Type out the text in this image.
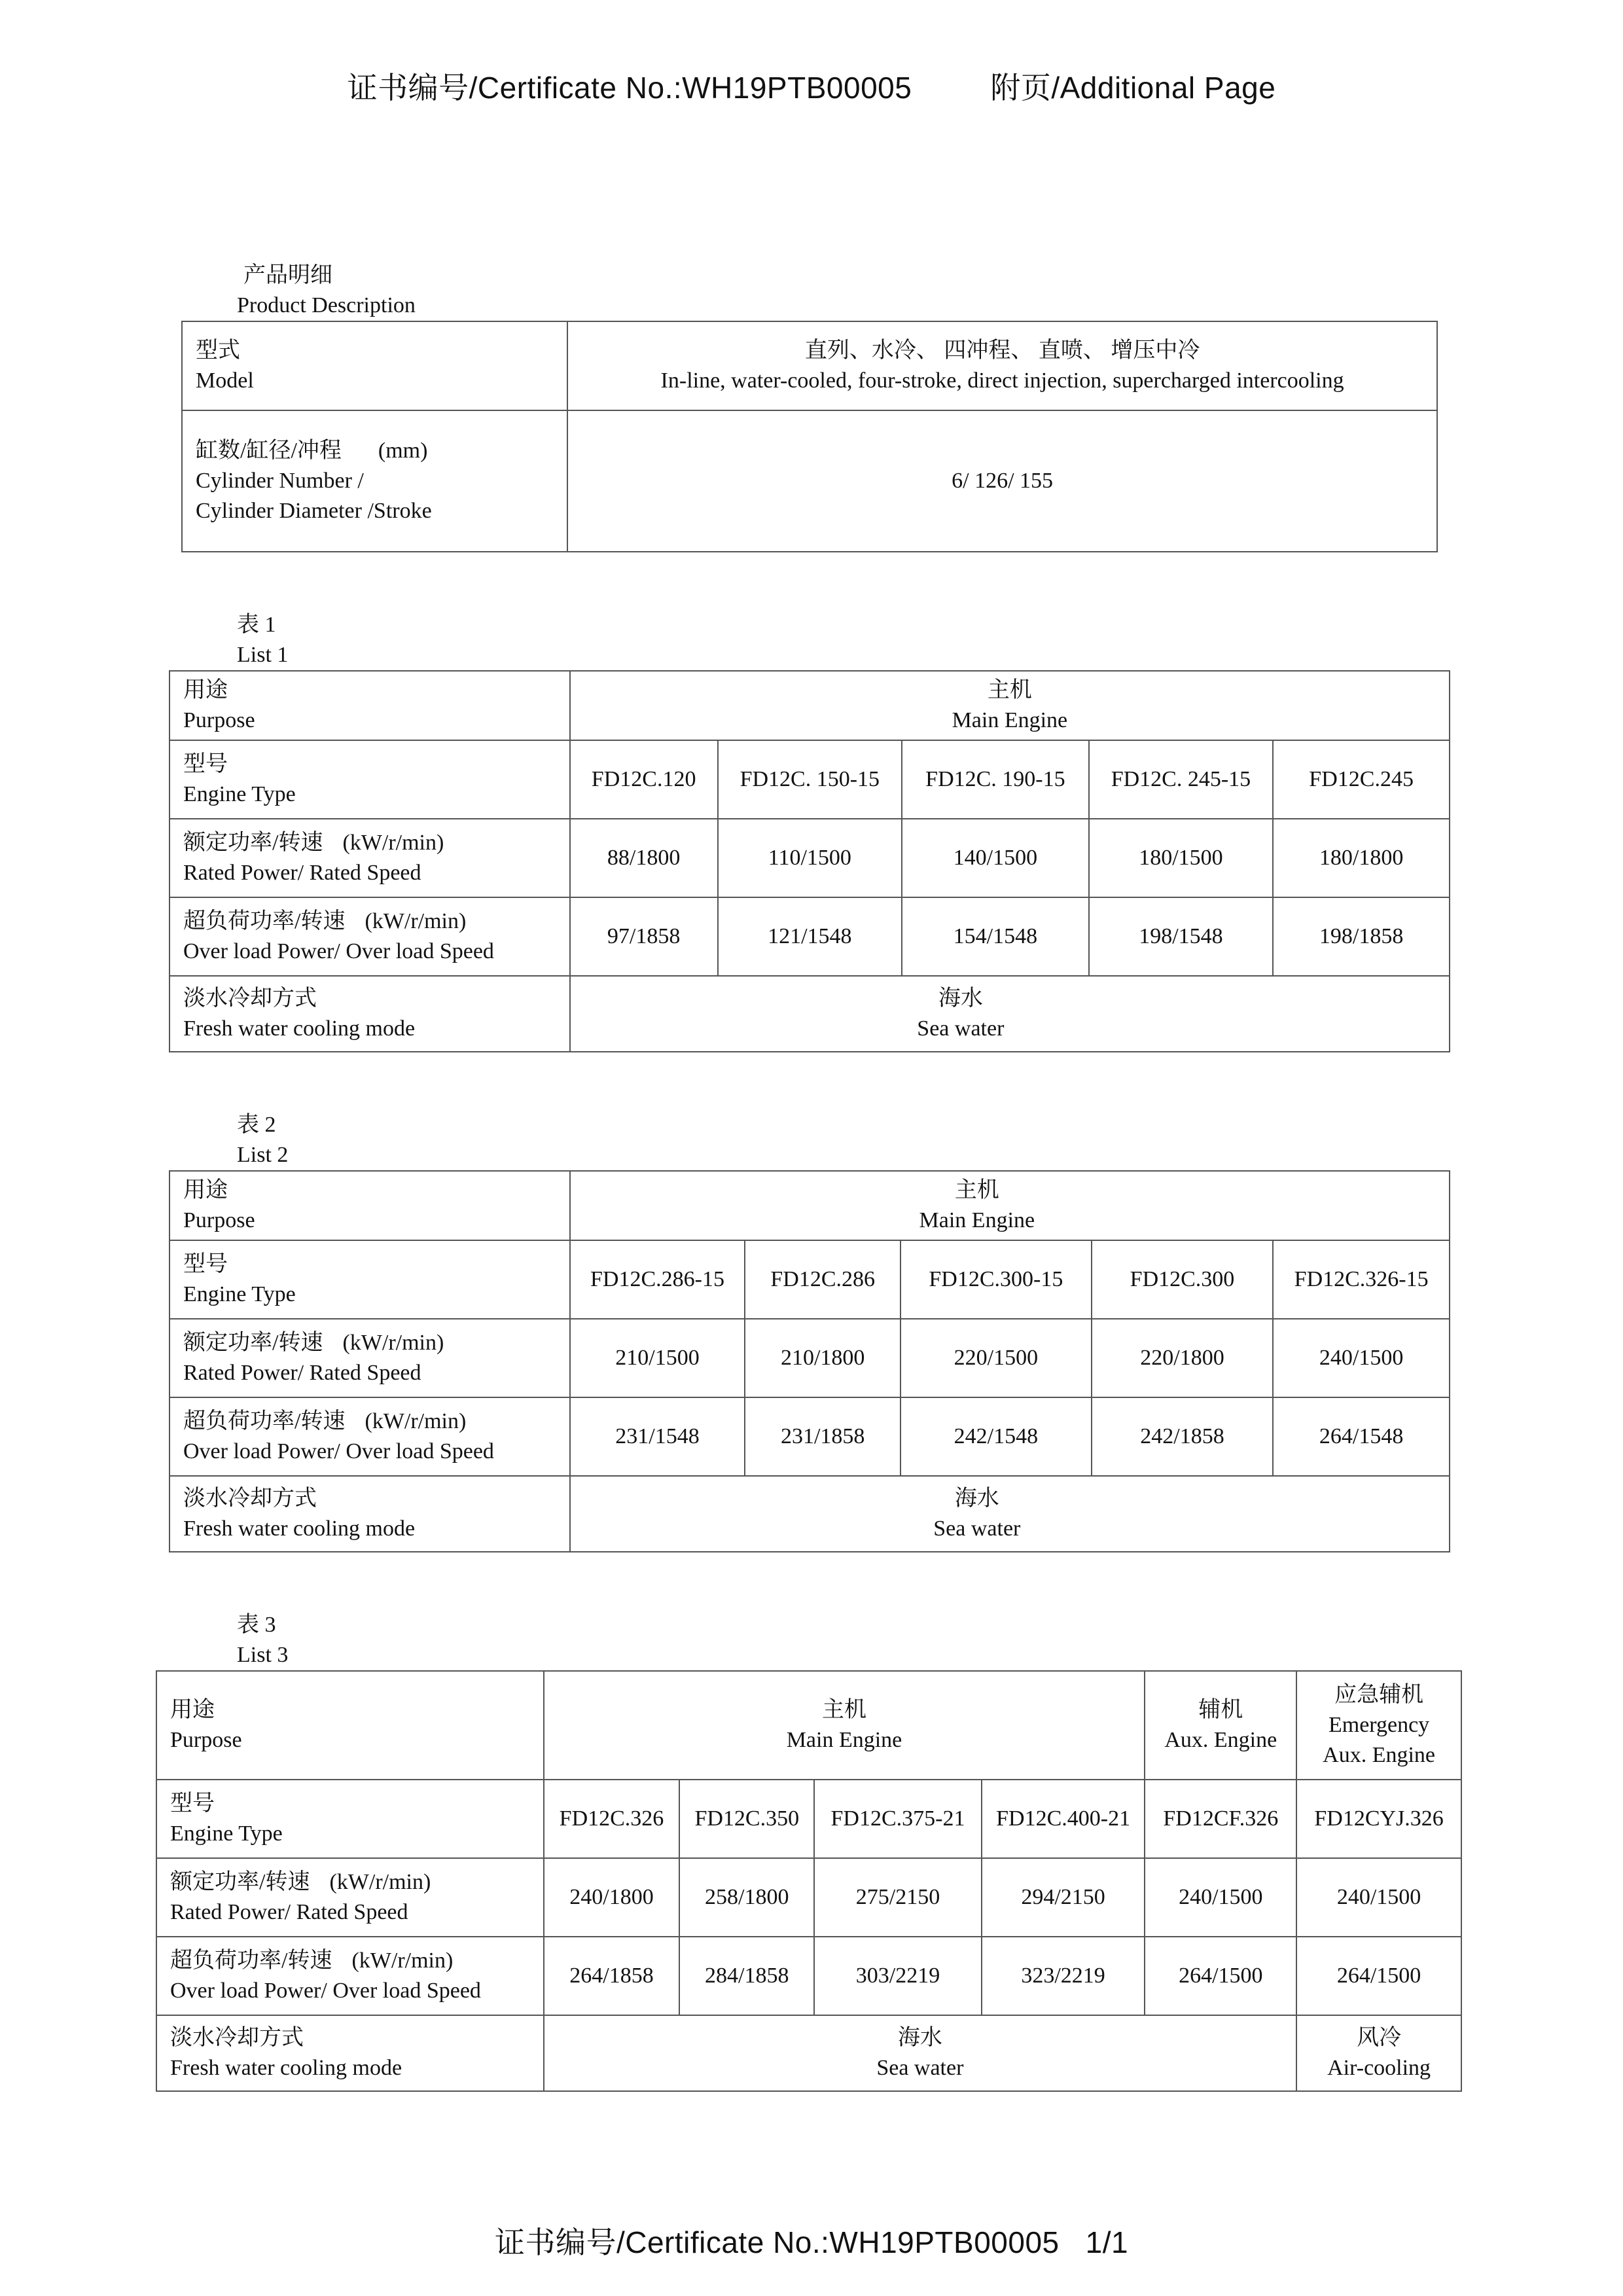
证书编号/Certificate No.:WH19PTB00005	附页/Additional Page
产品明细
Product Description
型式
Model	直列、水冷、 四冲程、 直喷、 增压中冷
In-line, water-cooled, four-stroke, direct injection, supercharged intercooling

缸数/缸径/冲程 (mm)
Cylinder Number /
Cylinder Diameter /Stroke	6/ 126/ 155
表 1
List 1
用途
Purpose	主机
Main Engine				

型号
Engine Type	FD12C.120	FD12C. 150-15	FD12C. 190-15	FD12C. 245-15	FD12C.245

额定功率/转速 (kW/r/min)
Rated Power/ Rated Speed	88/1800	110/1500	140/1500	180/1500	180/1800

超负荷功率/转速 (kW/r/min)
Over load Power/ Over load Speed	97/1858	121/1548	154/1548	198/1548	198/1858

淡水冷却方式
Fresh water cooling mode	海水
Sea water				
表 2
List 2
用途
Purpose	主机
Main Engine				

型号
Engine Type	FD12C.286-15	FD12C.286	FD12C.300-15	FD12C.300	FD12C.326-15

额定功率/转速 (kW/r/min)
Rated Power/ Rated Speed	210/1500	210/1800	220/1500	220/1800	240/1500

超负荷功率/转速 (kW/r/min)
Over load Power/ Over load Speed	231/1548	231/1858	242/1548	242/1858	264/1548

淡水冷却方式
Fresh water cooling mode	海水
Sea water				
表 3
List 3
用途
Purpose	主机
Main Engine				辅机
Aux. Engine	应急辅机
Emergency
Aux. Engine

型号
Engine Type	FD12C.326	FD12C.350	FD12C.375-21	FD12C.400-21	FD12CF.326	FD12CYJ.326

额定功率/转速 (kW/r/min)
Rated Power/ Rated Speed	240/1800	258/1800	275/2150	294/2150	240/1500	240/1500

超负荷功率/转速 (kW/r/min)
Over load Power/ Over load Speed	264/1858	284/1858	303/2219	323/2219	264/1500	264/1500

淡水冷却方式
Fresh water cooling mode	海水
Sea water					风冷
Air-cooling
证书编号/Certificate No.:WH19PTB00005 1/1
